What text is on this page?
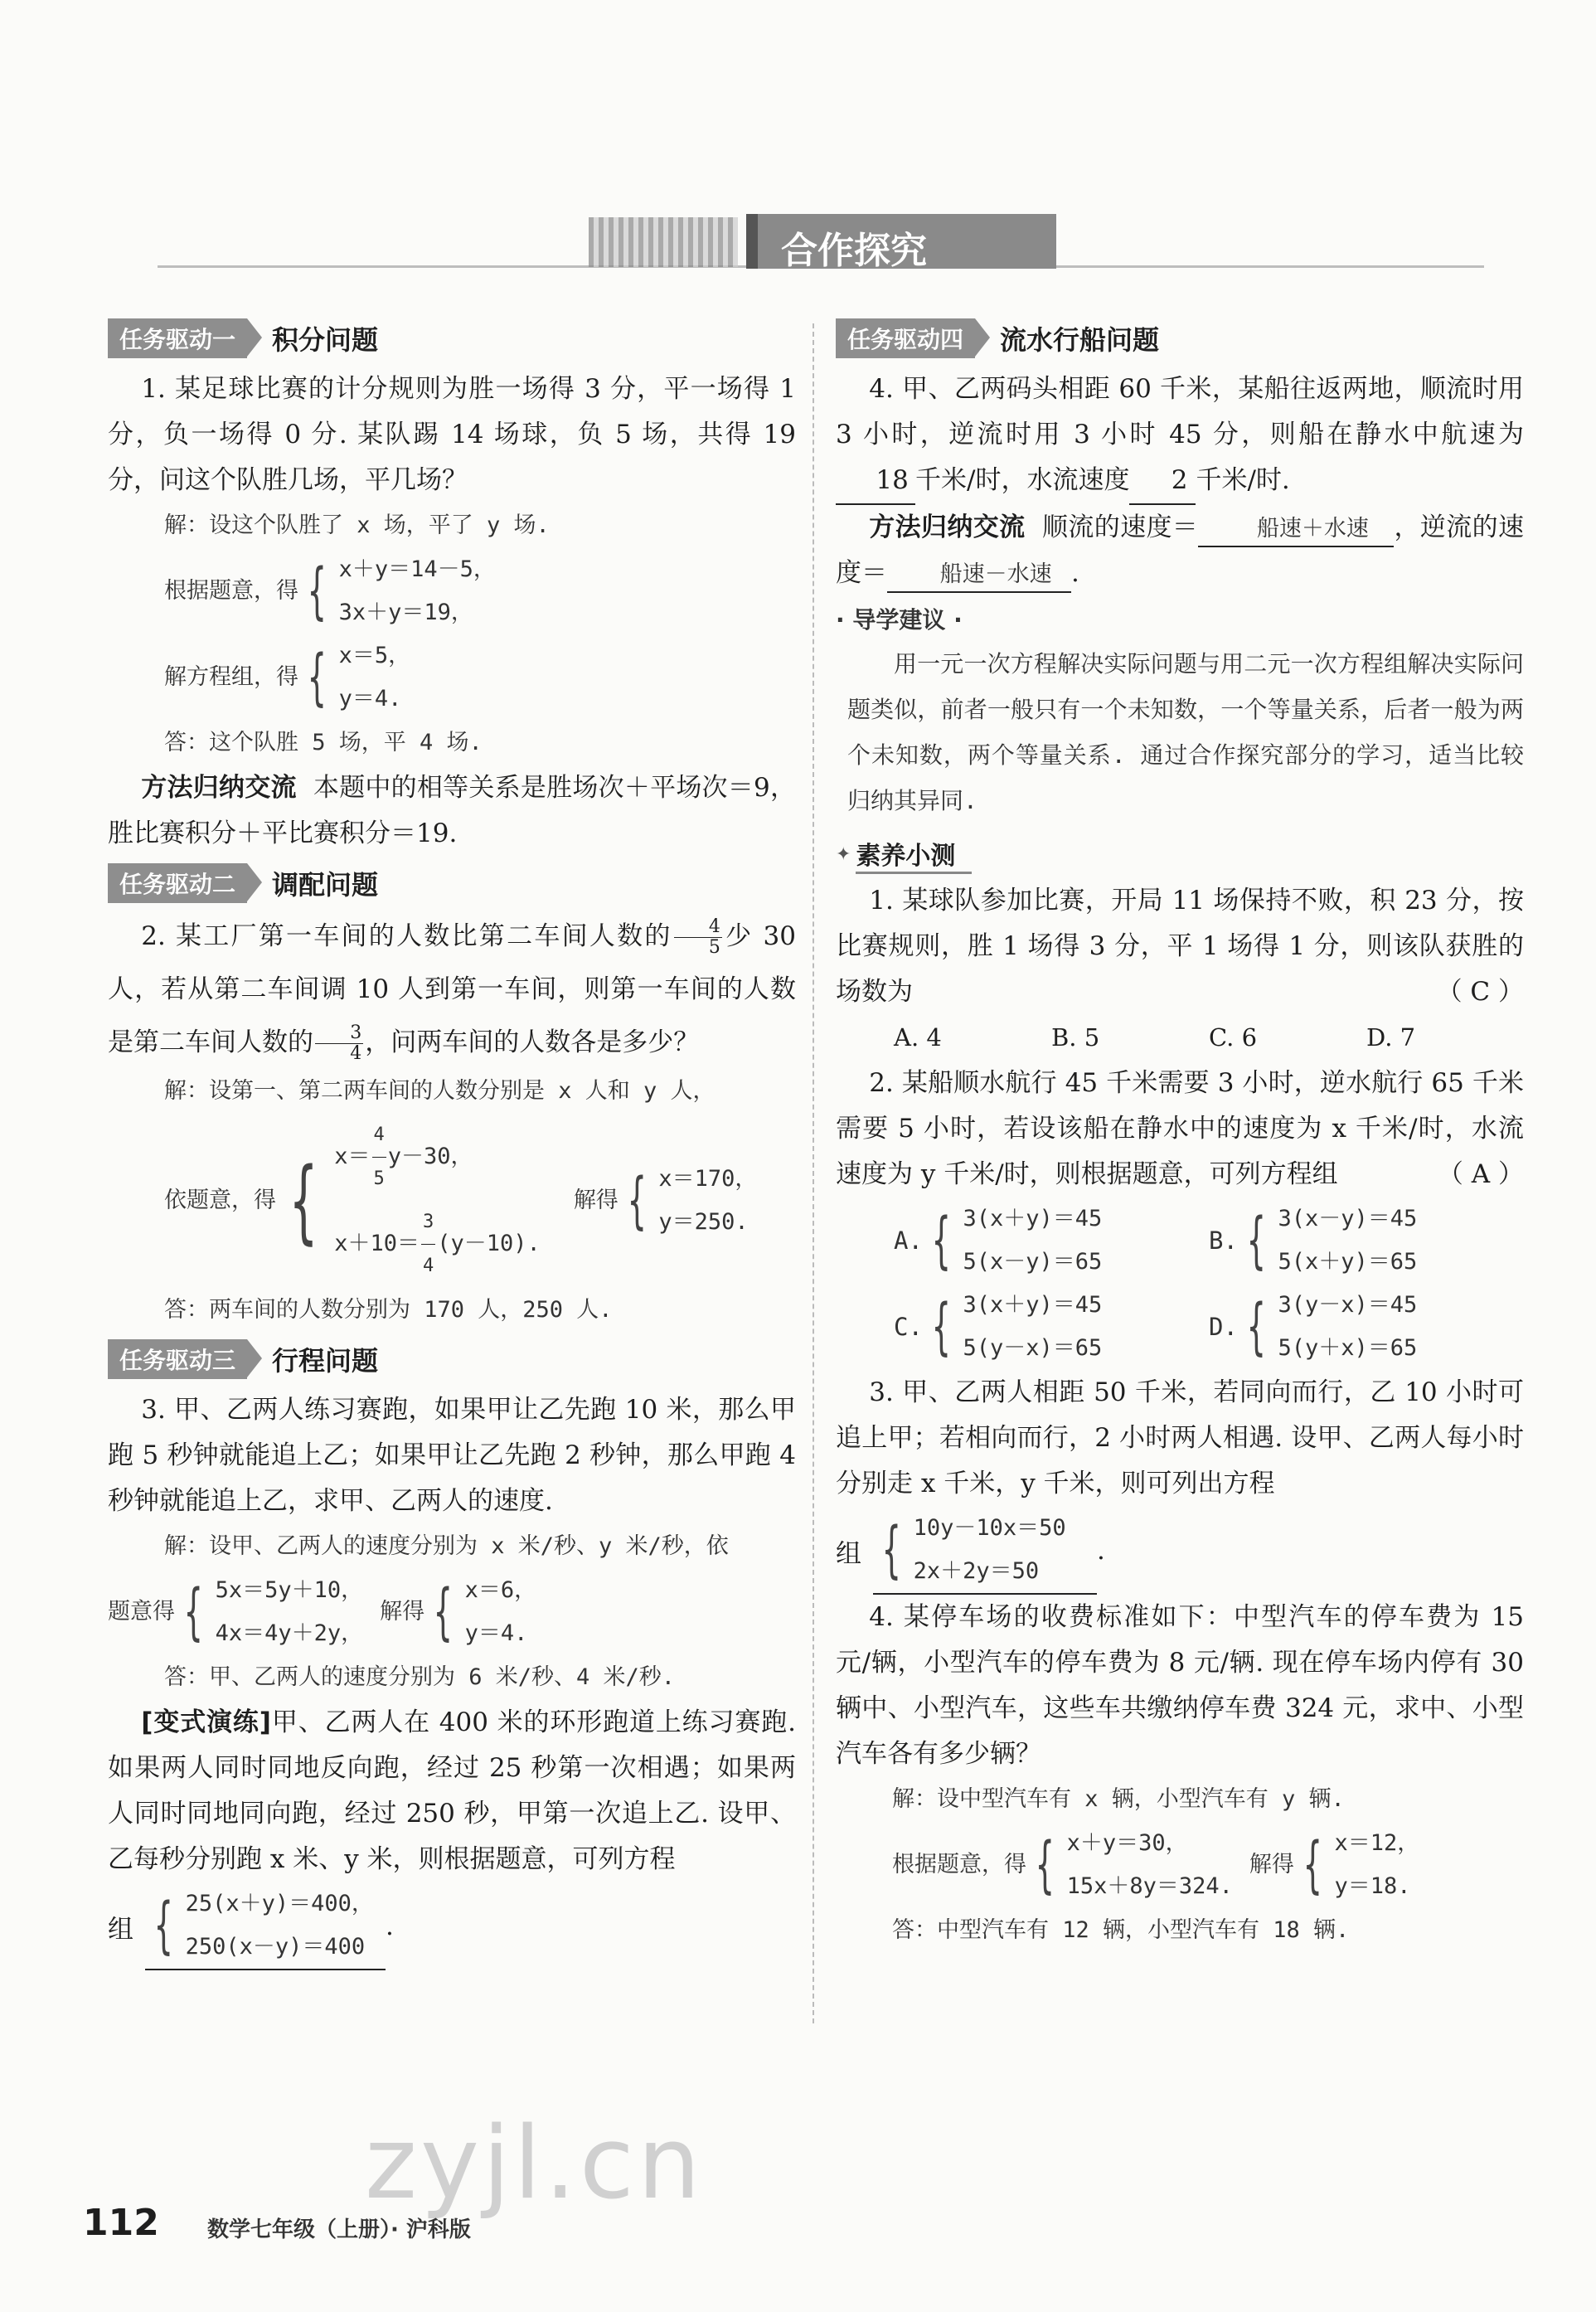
合作探究
任务驱动一	积分问题

1. 某足球比赛的计分规则为胜一场得 3 分，平一场得 1 分，负一场得 0 分. 某队踢 14 场球，负 5 场，共得 19 分，问这个队胜几场，平几场？

解：设这个队胜了 x 场，平了 y 场.
根据题意，得 { x＋y＝14－5，
3x＋y＝19，
解方程组，得 { x＝5，
y＝4.
答：这个队胜 5 场，平 4 场.

方法归纳交流 本题中的相等关系是胜场次＋平场次＝9，胜比赛积分＋平比赛积分＝19.

任务驱动二	调配问题

2. 某工厂第一车间的人数比第二车间人数的 $\frac{4}{5}$ 少 30 人，若从第二车间调 10 人到第一车间，则第一车间的人数是第二车间人数的 $\frac{3}{4}$ ，问两车间的人数各是多少？

解：设第一、第二两车间的人数分别是 x 人和 y 人，
依题意，得 { $x= \frac{4}{5} y-30$，
$x+10= \frac{3}{4} (y-10)$.
解得 { x＝170，
y＝250.
答：两车间的人数分别为 170 人，250 人.
任务驱动三	行程问题

3. 甲、乙两人练习赛跑，如果甲让乙先跑 10 米，那么甲跑 5 秒钟就能追上乙；如果甲让乙先跑 2 秒钟，那么甲跑 4 秒钟就能追上乙，求甲、乙两人的速度.

解：设甲、乙两人的速度分别为 x 米/秒、y 米/秒，依
题意得 { 5x＝5y＋10，
4x＝4y＋2y，
解得 { x＝6，
y＝4.
答：甲、乙两人的速度分别为 6 米/秒、4 米/秒.

[变式演练]甲、乙两人在 400 米的环形跑道上练习赛跑. 如果两人同时同地反向跑，经过 25 秒第一次相遇；如果两人同时同地同向跑，经过 250 秒，甲第一次追上乙. 设甲、乙每秒分别跑 x 米、y 米，则根据题意，可列方程

组 { 25(x＋y)＝400，
250(x－y)＝400
.
任务驱动四	流水行船问题

4. 甲、乙两码头相距 60 千米，某船往返两地，顺流时用 3 小时，逆流时用 3 小时 45 分，则船在静水中航速为 18 千米/时，水流速度 2 千米/时.

方法归纳交流 顺流的速度＝	船速＋水速 ，逆流的速度＝ 船速－水速 .

· 导学建议 ·

用一元一次方程解决实际问题与用二元一次方程组解决实际问题类似，前者一般只有一个未知数，一个等量关系，后者一般为两个未知数，两个等量关系. 通过合作探究部分的学习，适当比较归纳其异同.

✦ 素养小测

1. 某球队参加比赛，开局 11 场保持不败，积 23 分，按比赛规则，胜 1 场得 3 分，平 1 场得 1 分，则该队获胜的场数为	（ C ）

A. 4	B. 5	C. 6	D. 7

2. 某船顺水航行 45 千米需要 3 小时，逆水航行 65 千米需要 5 小时，若设该船在静水中的速度为 x 千米/时，水流速度为 y 千米/时，则根据题意，可列方程组	（ A ）

A. { 3(x＋y)＝45
5(x－y)＝65
B. { 3(x－y)＝45
5(x＋y)＝65
C. { 3(x＋y)＝45
5(y－x)＝65
D. { 3(y－x)＝45
5(y＋x)＝65

3. 甲、乙两人相距 50 千米，若同向而行，乙 10 小时可追上甲；若相向而行，2 小时两人相遇. 设甲、乙两人每小时分别走 x 千米，y 千米，则可列出方程

组 { 10y－10x＝50
2x＋2y＝50
.

4. 某停车场的收费标准如下：中型汽车的停车费为 15 元/辆，小型汽车的停车费为 8 元/辆. 现在停车场内停有 30 辆中、小型汽车，这些车共缴纳停车费 324 元，求中、小型汽车各有多少辆？

解：设中型汽车有 x 辆，小型汽车有 y 辆.
根据题意，得 { x＋y＝30，
15x＋8y＝324.
解得 { x＝12，
y＝18.
答：中型汽车有 12 辆，小型汽车有 18 辆.
zyjl.cn
112 数学七年级（上册）· 沪科版
